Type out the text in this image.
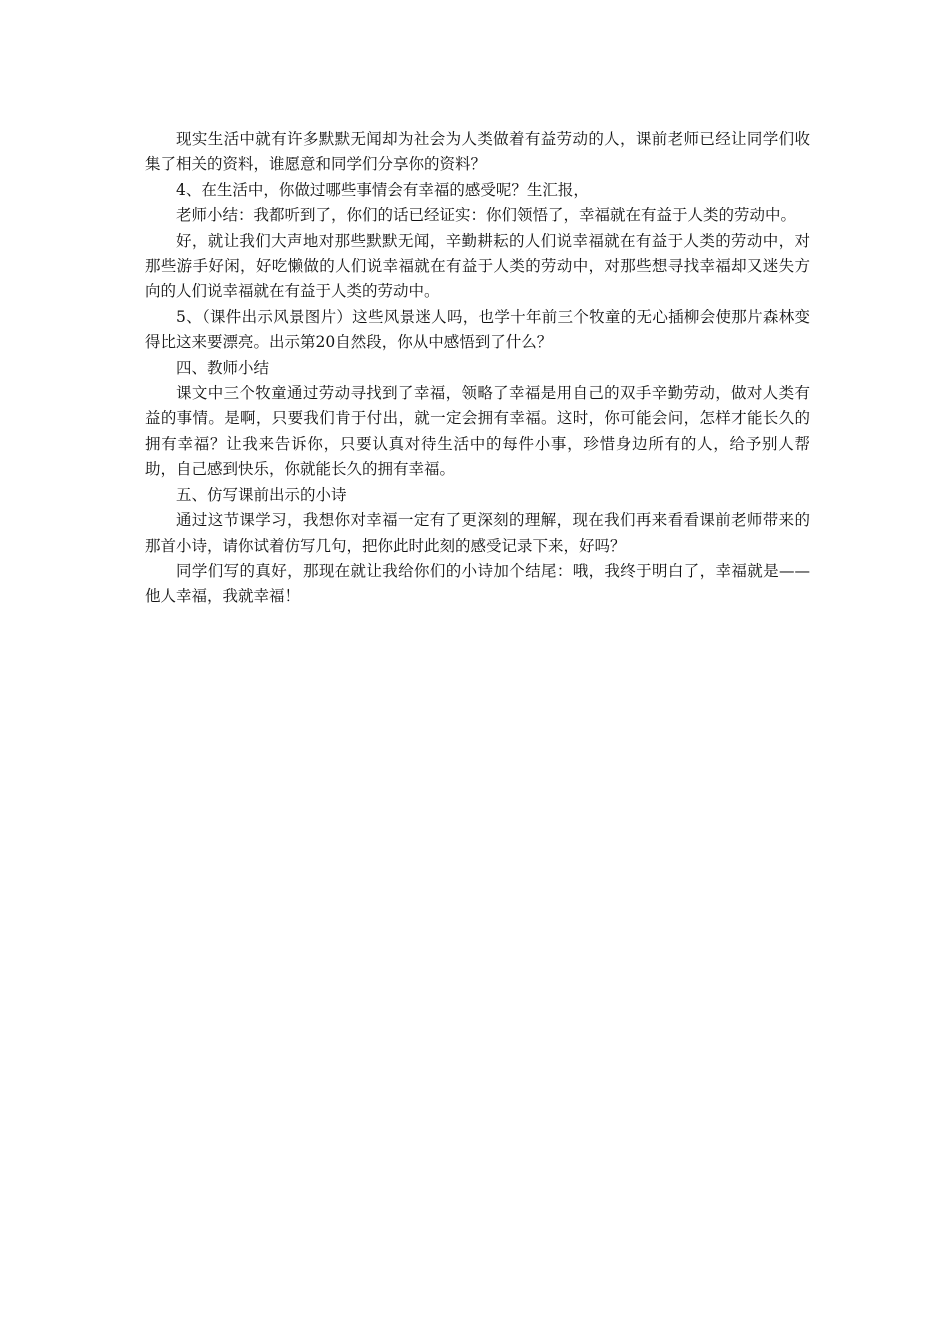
现实生活中就有许多默默无闻却为社会为人类做着有益劳动的人，课前老师已经让同学们收集了相关的资料，谁愿意和同学们分享你的资料？

4、在生活中，你做过哪些事情会有幸福的感受呢？生汇报，

老师小结：我都听到了，你们的话已经证实：你们领悟了，幸福就在有益于人类的劳动中。

好，就让我们大声地对那些默默无闻，辛勤耕耘的人们说幸福就在有益于人类的劳动中，对那些游手好闲，好吃懒做的人们说幸福就在有益于人类的劳动中，对那些想寻找幸福却又迷失方向的人们说幸福就在有益于人类的劳动中。

5、（课件出示风景图片）这些风景迷人吗，也学十年前三个牧童的无心插柳会使那片森林变得比这来要漂亮。出示第20自然段，你从中感悟到了什么？

四、教师小结

课文中三个牧童通过劳动寻找到了幸福，领略了幸福是用自己的双手辛勤劳动，做对人类有益的事情。是啊，只要我们肯于付出，就一定会拥有幸福。这时，你可能会问，怎样才能长久的拥有幸福？让我来告诉你，只要认真对待生活中的每件小事，珍惜身边所有的人，给予别人帮助，自己感到快乐，你就能长久的拥有幸福。

五、仿写课前出示的小诗

通过这节课学习，我想你对幸福一定有了更深刻的理解，现在我们再来看看课前老师带来的那首小诗，请你试着仿写几句，把你此时此刻的感受记录下来，好吗？

同学们写的真好，那现在就让我给你们的小诗加个结尾：哦，我终于明白了，幸福就是——他人幸福，我就幸福！
